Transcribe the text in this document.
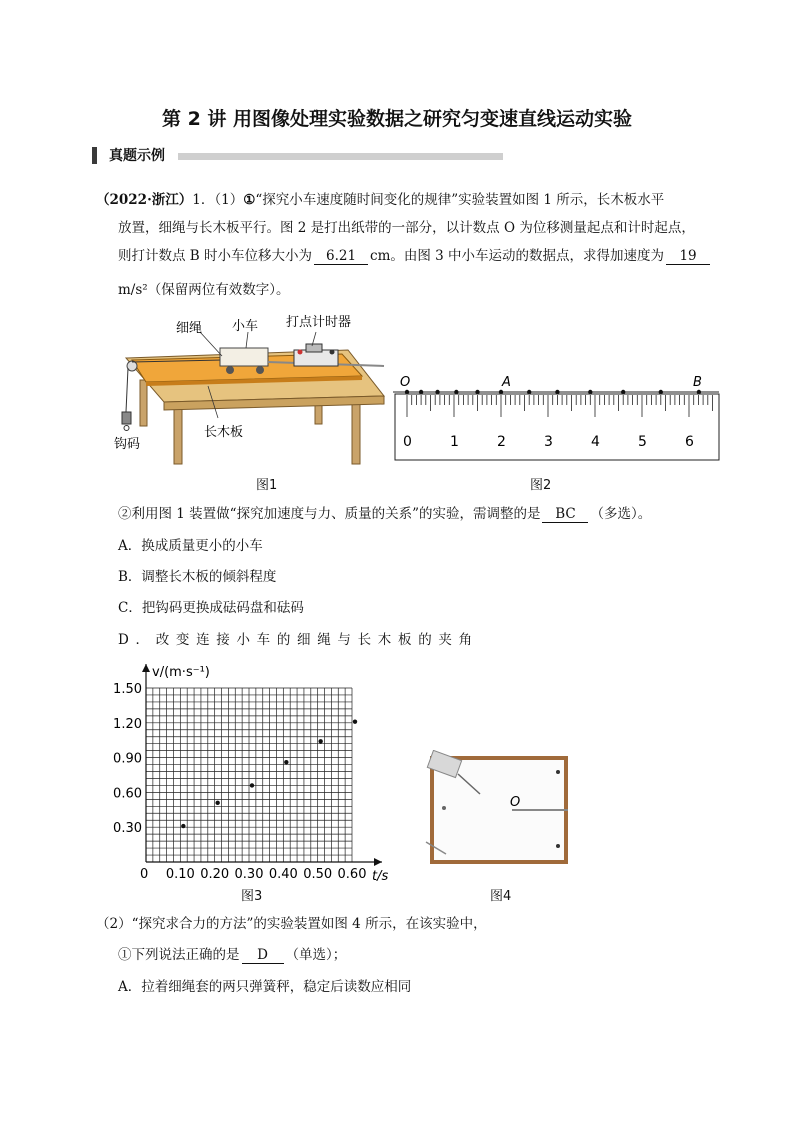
第 2 讲 用图像处理实验数据之研究匀变速直线运动实验
真题示例
（2022·浙江）1．（1）①“探究小车速度随时间变化的规律”实验装置如图 1 所示，长木板水平
放置，细绳与长木板平行。图 2 是打出纸带的一部分，以计数点 O 为位移测量起点和计时起点，
则打计数点 B 时小车位移大小为 6.21 cm。由图 3 中小车运动的数据点，求得加速度为 19
m/s²（保留两位有效数字）。
细绳 小车 打点计时器
长木板
钩码
图1
O	A	B
0	1	2	3	4	5	6
图2
②利用图 1 装置做“探究加速度与力、质量的关系”的实验，需调整的是 BC （多选）。
A．换成质量更小的小车
B．调整长木板的倾斜程度
C．把钩码更换成砝码盘和砝码
D ． 改 变 连 接 小 车 的 细 绳 与 长 木 板 的 夹 角
0.30
0.60
0.90
1.20
1.50
0.10 0.20 0.30 0.40 0.50 0.60
v/(m·s⁻¹)
t/s
0
图3
O
图4
（2）“探究求合力的方法”的实验装置如图 4 所示，在该实验中，
①下列说法正确的是 D （单选）；
A．拉着细绳套的两只弹簧秤，稳定后读数应相同
